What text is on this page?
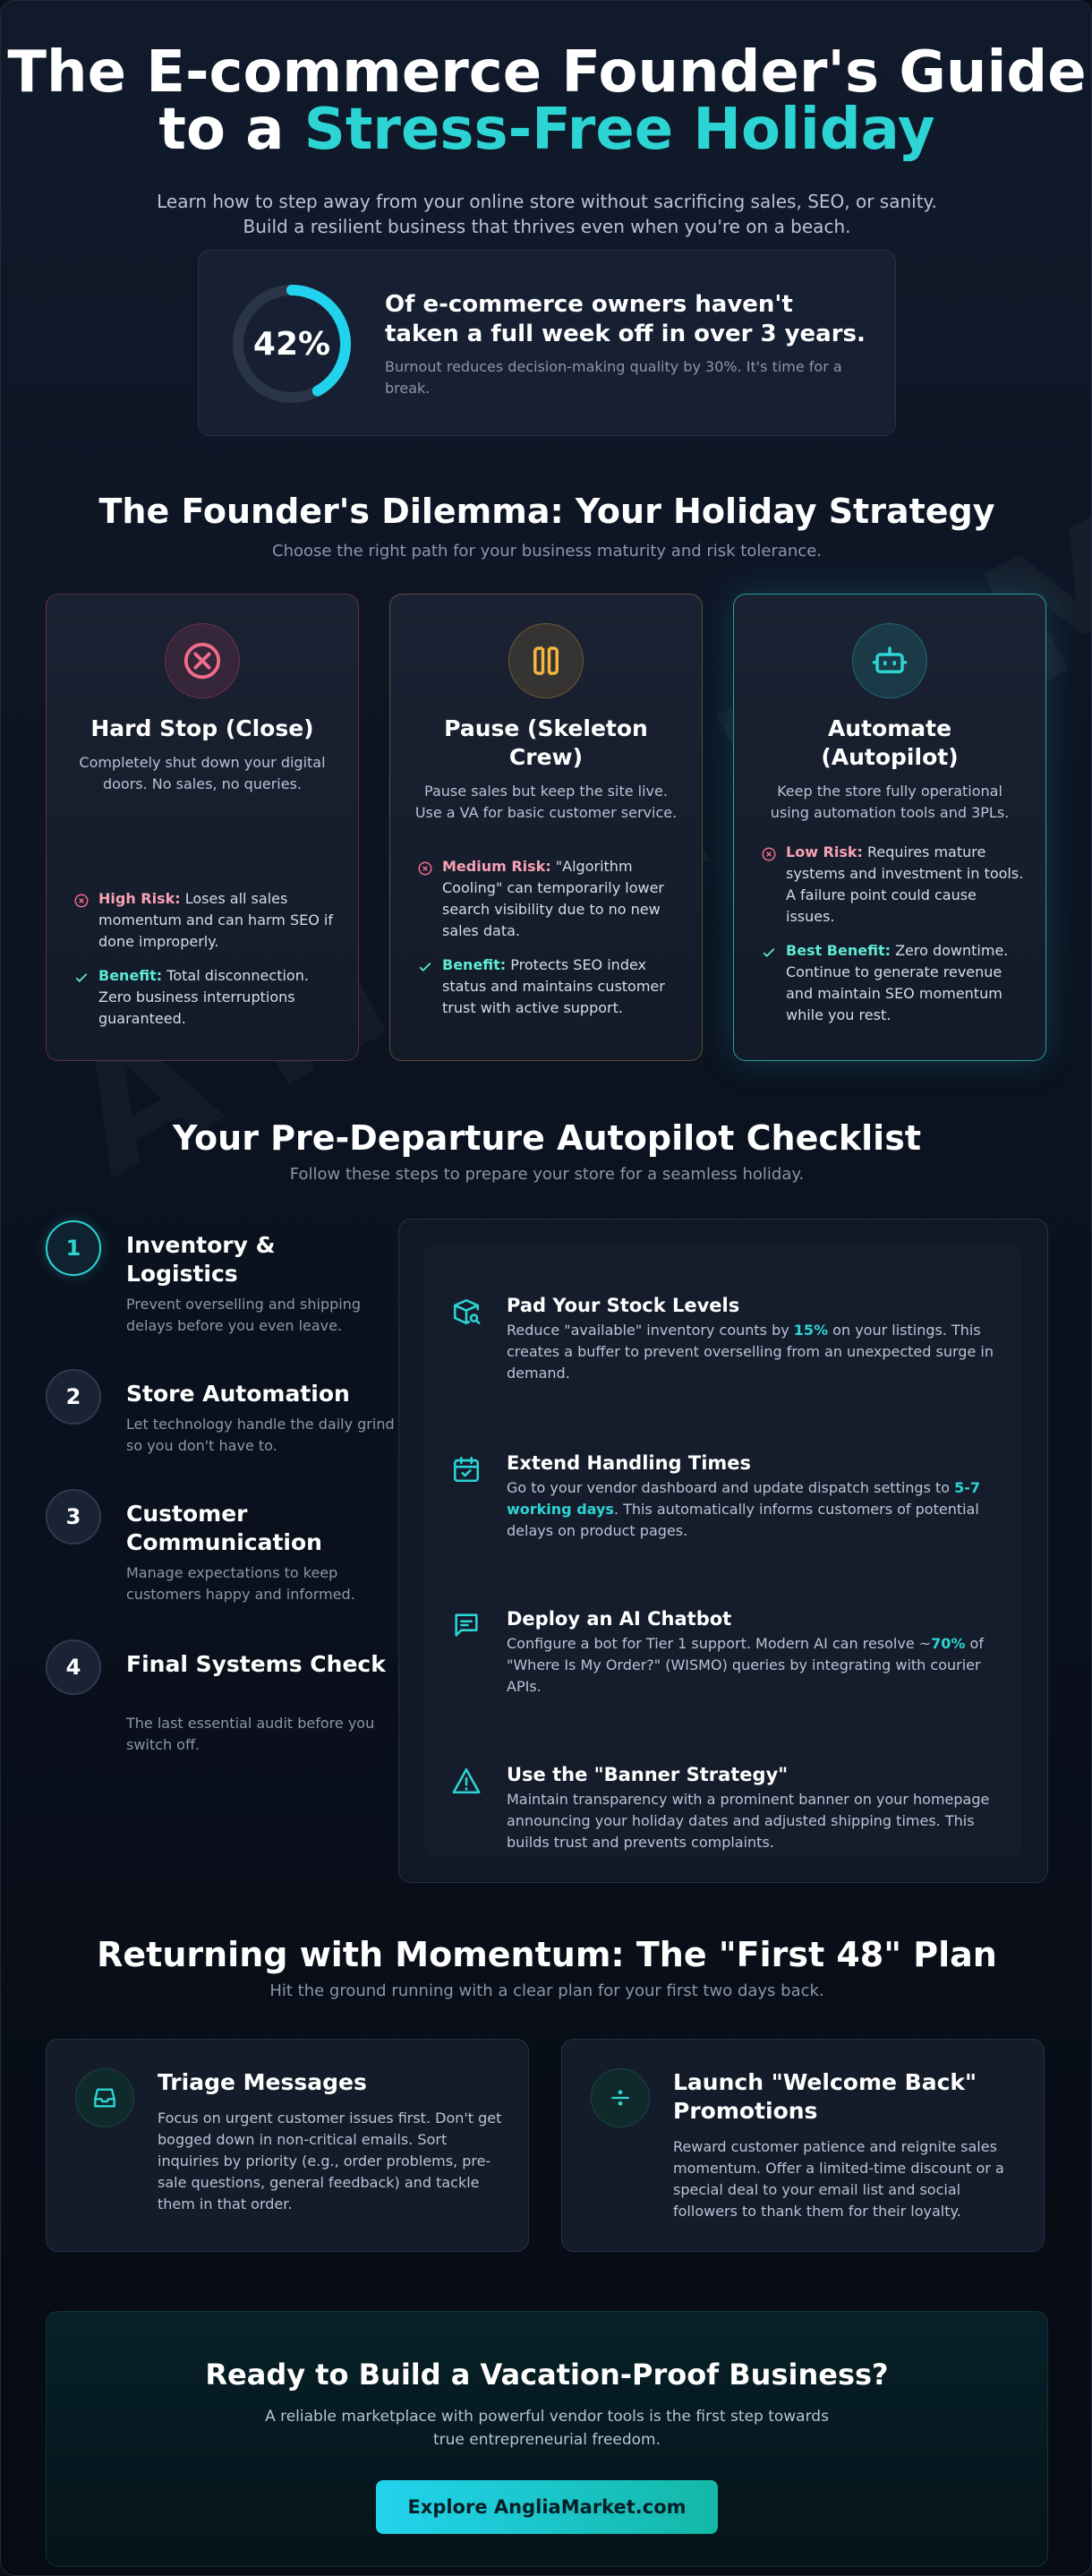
The E-commerce Founder's Guide
to a Stress-Free Holiday
Learn how to step away from your online store without sacrificing sales, SEO, or sanity.
Build a resilient business that thrives even when you're on a beach.
42%
Of e-commerce owners haven't taken a full week off in over 3 years.
Burnout reduces decision-making quality by 30%. It's time for a break.
The Founder's Dilemma: Your Holiday Strategy
Choose the right path for your business maturity and risk tolerance.
Hard Stop (Close)
Completely shut down your digital doors. No sales, no queries.
High Risk: Loses all sales momentum and can harm SEO if done improperly.
Benefit: Total disconnection. Zero business interruptions guaranteed.
Pause (Skeleton Crew)
Pause sales but keep the site live. Use a VA for basic customer service.
Medium Risk: "Algorithm Cooling" can temporarily lower search visibility due to no new sales data.
Benefit: Protects SEO index status and maintains customer trust with active support.
Automate (Autopilot)
Keep the store fully operational using automation tools and 3PLs.
Low Risk: Requires mature systems and investment in tools. A failure point could cause issues.
Best Benefit: Zero downtime. Continue to generate revenue and maintain SEO momentum while you rest.
Your Pre-Departure Autopilot Checklist
Follow these steps to prepare your store for a seamless holiday.
1	Inventory & Logistics
Prevent overselling and shipping delays before you even leave.
2	Store Automation
Let technology handle the daily grind so you don't have to.
3	Customer Communication
Manage expectations to keep customers happy and informed.
4	Final Systems Check
The last essential audit before you switch off.
Pad Your Stock Levels
Reduce "available" inventory counts by 15% on your listings. This creates a buffer to prevent overselling from an unexpected surge in demand.
Extend Handling Times
Go to your vendor dashboard and update dispatch settings to 5-7 working days. This automatically informs customers of potential delays on product pages.
Deploy an AI Chatbot
Configure a bot for Tier 1 support. Modern AI can resolve ~70% of "Where Is My Order?" (WISMO) queries by integrating with courier APIs.
Use the "Banner Strategy"
Maintain transparency with a prominent banner on your homepage announcing your holiday dates and adjusted shipping times. This builds trust and prevents complaints.
Returning with Momentum: The "First 48" Plan
Hit the ground running with a clear plan for your first two days back.
Triage Messages
Focus on urgent customer issues first. Don't get bogged down in non-critical emails. Sort inquiries by priority (e.g., order problems, pre-sale questions, general feedback) and tackle them in that order.
Launch "Welcome Back" Promotions
Reward customer patience and reignite sales momentum. Offer a limited-time discount or a special deal to your email list and social followers to thank them for their loyalty.
Ready to Build a Vacation-Proof Business?
A reliable marketplace with powerful vendor tools is the first step towards true entrepreneurial freedom.
Explore AngliaMarket.com
